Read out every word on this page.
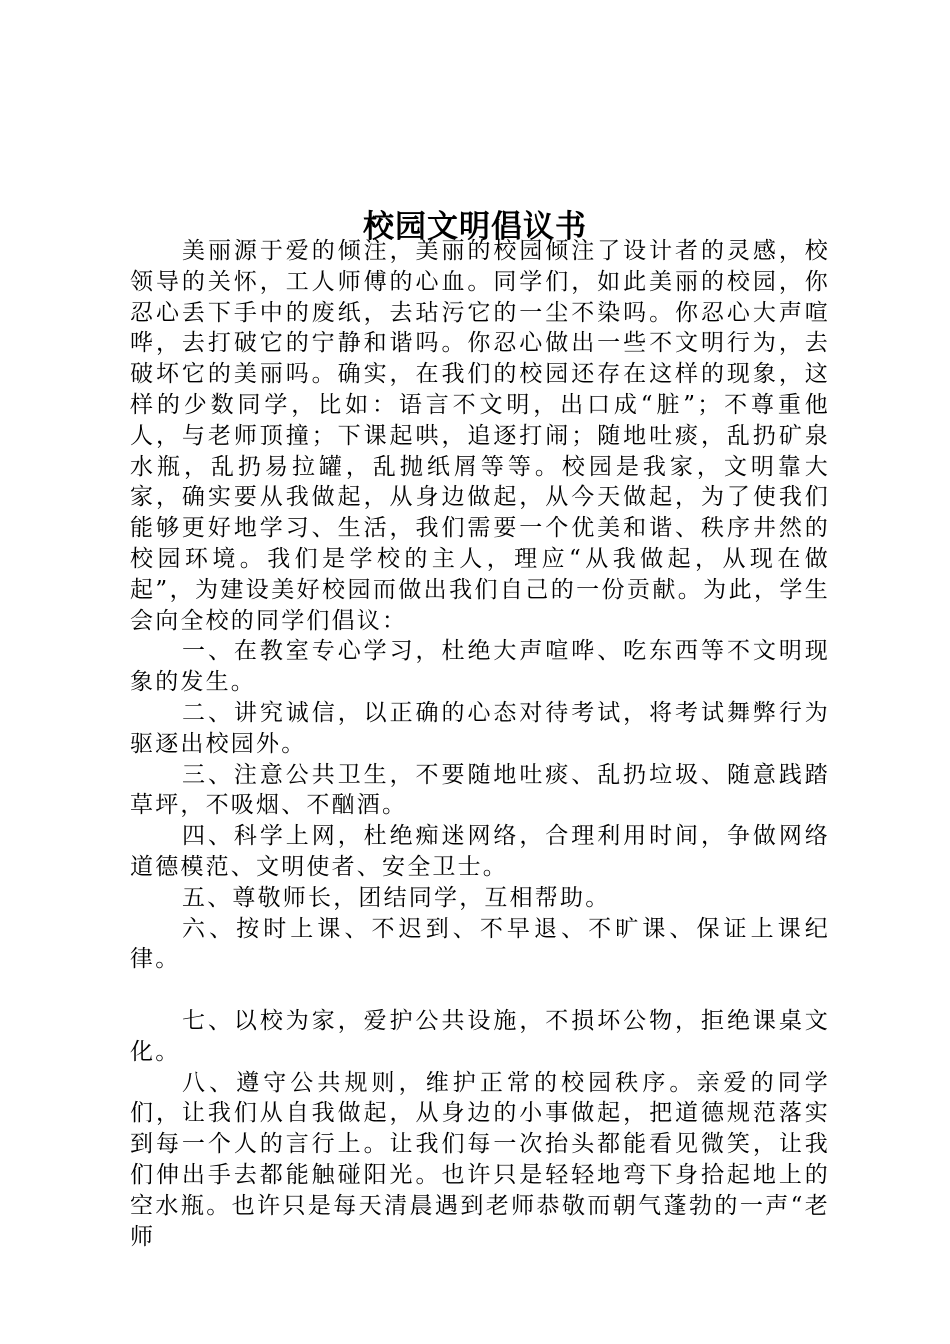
校园文明倡议书

美丽源于爱的倾注，美丽的校园倾注了设计者的灵感，校领导的关怀，工人师傅的心血。同学们，如此美丽的校园，你忍心丢下手中的废纸，去玷污它的一尘不染吗。你忍心大声喧哗，去打破它的宁静和谐吗。你忍心做出一些不文明行为，去破坏它的美丽吗。确实，在我们的校园还存在这样的现象，这样的少数同学，比如：语言不文明，出口成“脏”；不尊重他人，与老师顶撞；下课起哄，追逐打闹；随地吐痰，乱扔矿泉水瓶，乱扔易拉罐，乱抛纸屑等等。校园是我家，文明靠大家，确实要从我做起，从身边做起，从今天做起，为了使我们能够更好地学习、生活，我们需要一个优美和谐、秩序井然的校园环境。我们是学校的主人，理应“从我做起，从现在做起”，为建设美好校园而做出我们自己的一份贡献。为此，学生会向全校的同学们倡议：

一、在教室专心学习，杜绝大声喧哗、吃东西等不文明现象的发生。

二、讲究诚信，以正确的心态对待考试，将考试舞弊行为驱逐出校园外。

三、注意公共卫生，不要随地吐痰、乱扔垃圾、随意践踏草坪，不吸烟、不酗酒。

四、科学上网，杜绝痴迷网络，合理利用时间，争做网络道德模范、文明使者、安全卫士。

五、尊敬师长，团结同学，互相帮助。

六、按时上课、不迟到、不早退、不旷课、保证上课纪律。

七、以校为家，爱护公共设施，不损坏公物，拒绝课桌文化。

八、遵守公共规则，维护正常的校园秩序。亲爱的同学们，让我们从自我做起，从身边的小事做起，把道德规范落实到每一个人的言行上。让我们每一次抬头都能看见微笑，让我们伸出手去都能触碰阳光。也许只是轻轻地弯下身拾起地上的空水瓶。也许只是每天清晨遇到老师恭敬而朝气蓬勃的一声“老师
